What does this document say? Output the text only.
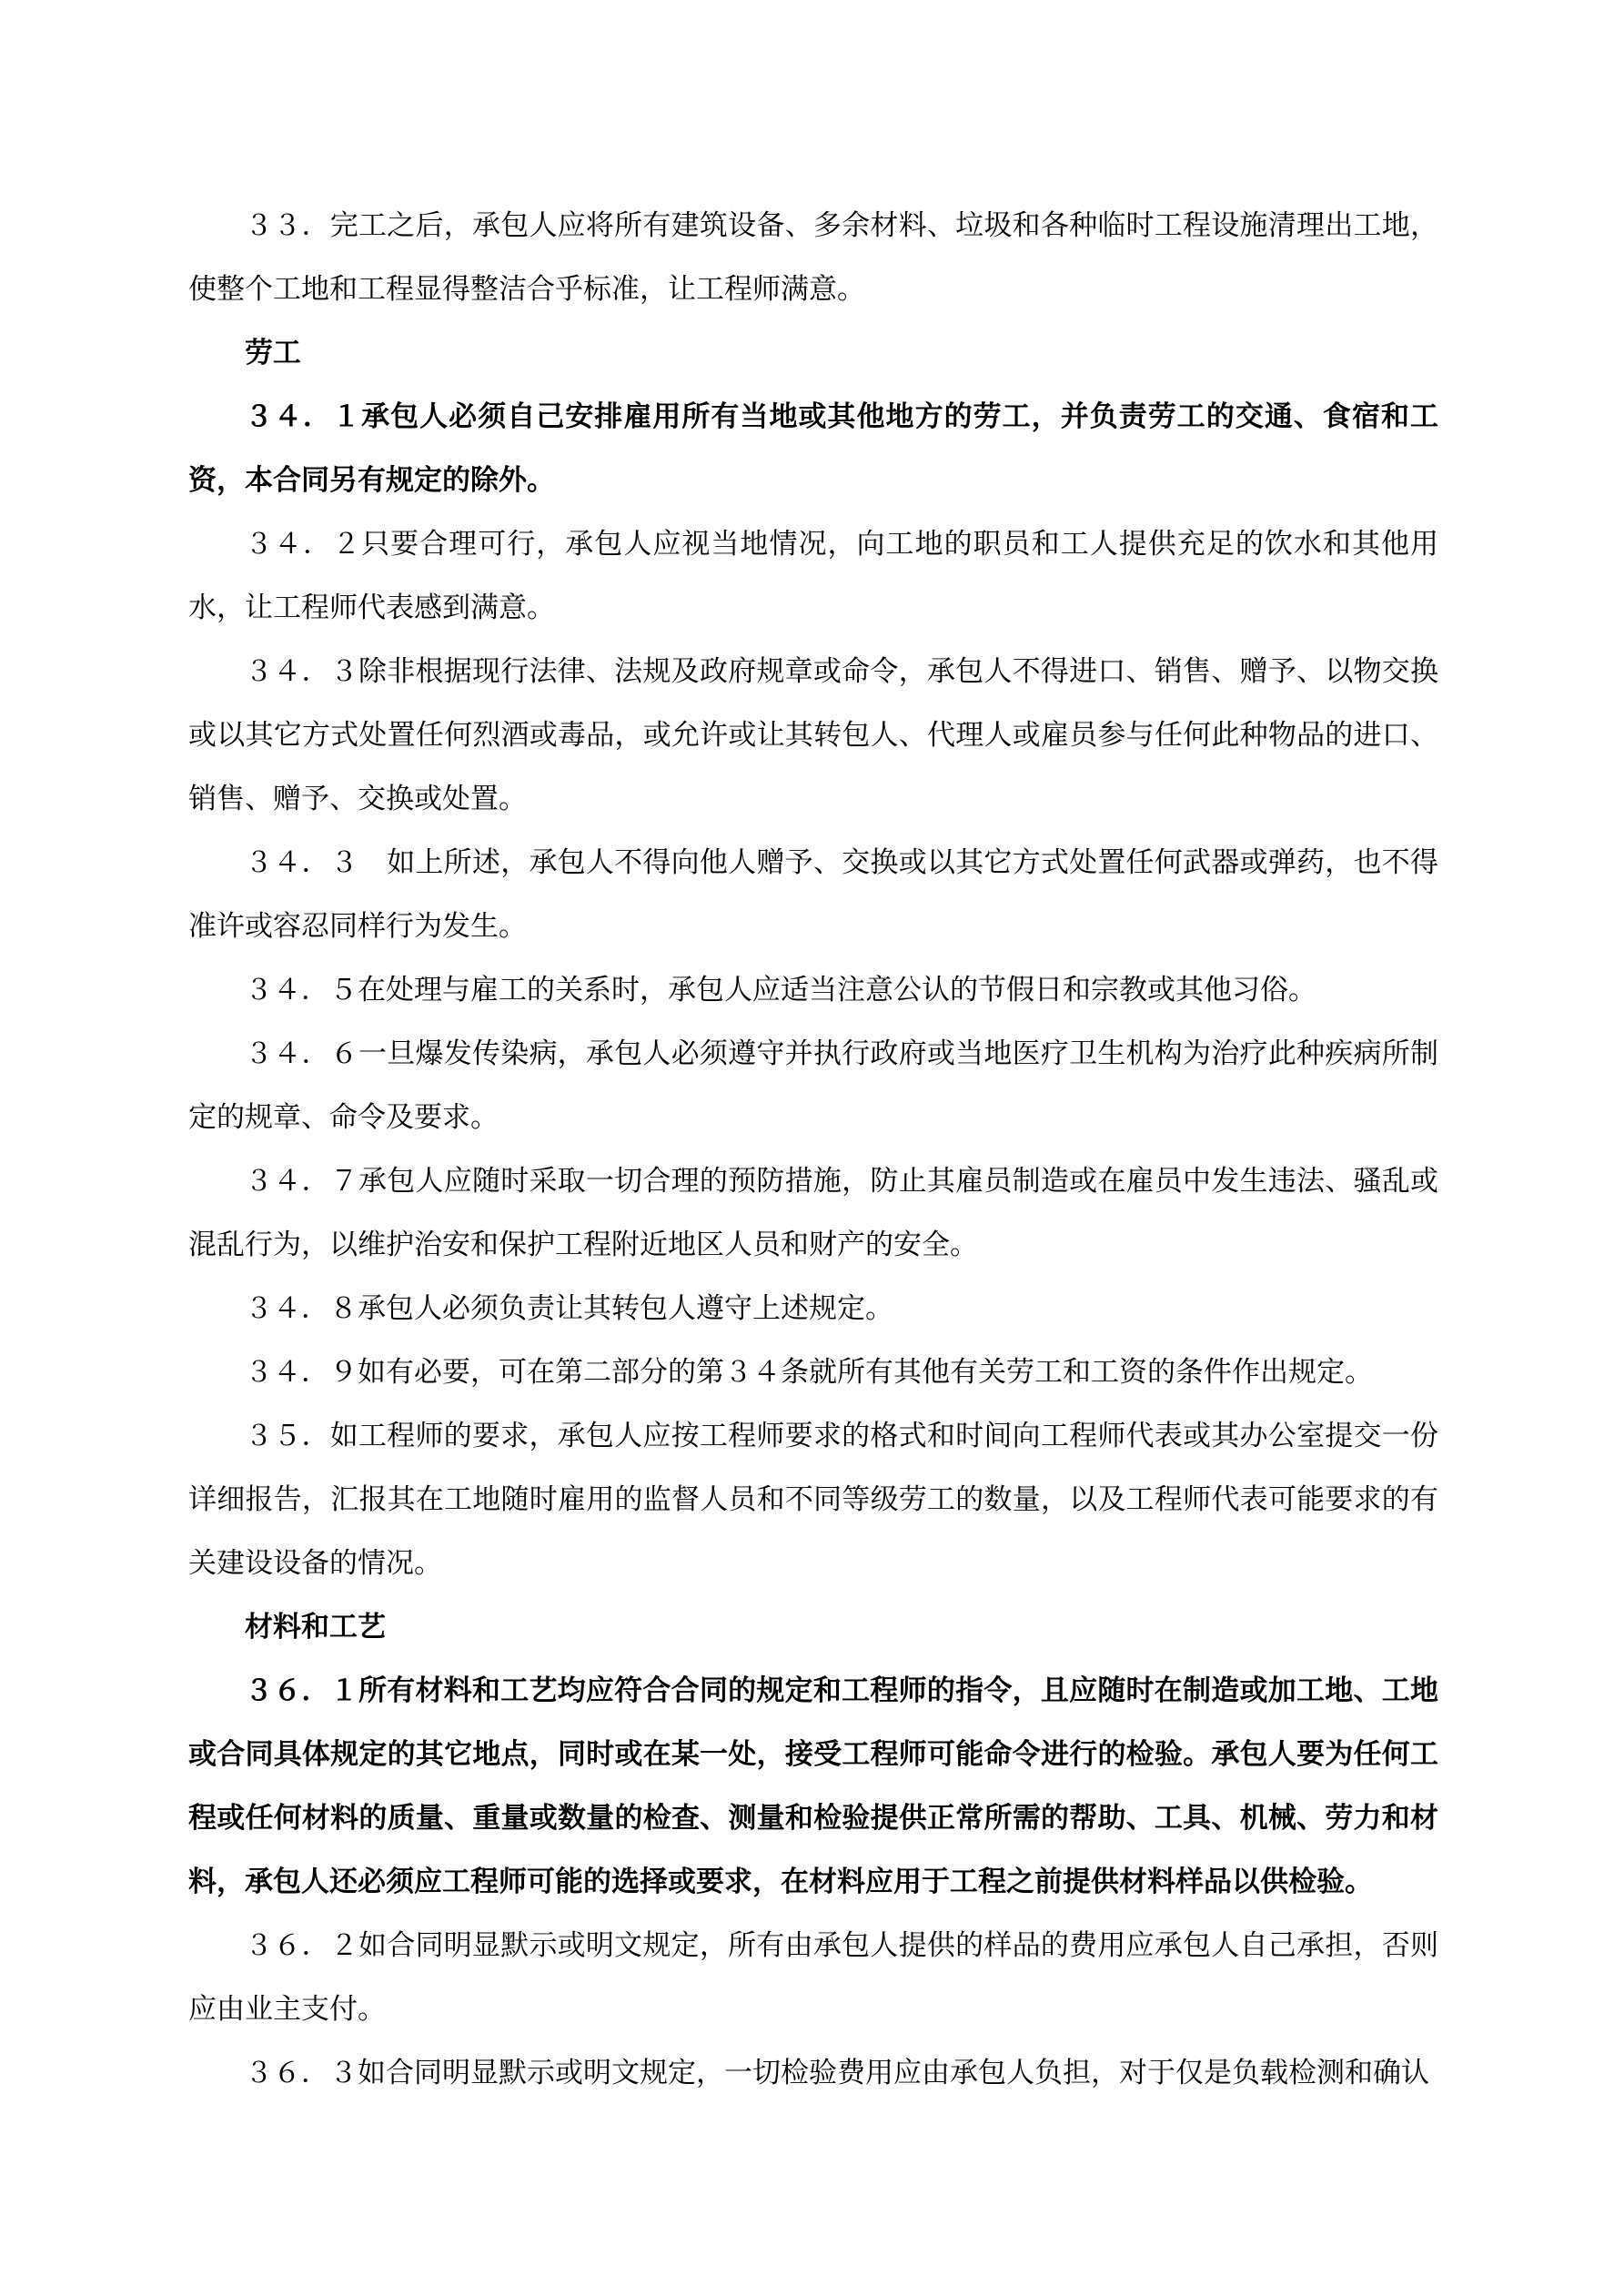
３３．完工之后，承包人应将所有建筑设备、多余材料、垃圾和各种临时工程设施清理出工地，使整个工地和工程显得整洁合乎标准，让工程师满意。

劳工

３４．１承包人必须自己安排雇用所有当地或其他地方的劳工，并负责劳工的交通、食宿和工资，本合同另有规定的除外。

３４．２只要合理可行，承包人应视当地情况，向工地的职员和工人提供充足的饮水和其他用水，让工程师代表感到满意。

３４．３除非根据现行法律、法规及政府规章或命令，承包人不得进口、销售、赠予、以物交换或以其它方式处置任何烈酒或毒品，或允许或让其转包人、代理人或雇员参与任何此种物品的进口、销售、赠予、交换或处置。

３４．３　如上所述，承包人不得向他人赠予、交换或以其它方式处置任何武器或弹药，也不得准许或容忍同样行为发生。

３４．５在处理与雇工的关系时，承包人应适当注意公认的节假日和宗教或其他习俗。

３４．６一旦爆发传染病，承包人必须遵守并执行政府或当地医疗卫生机构为治疗此种疾病所制定的规章、命令及要求。

３４．７承包人应随时采取一切合理的预防措施，防止其雇员制造或在雇员中发生违法、骚乱或混乱行为，以维护治安和保护工程附近地区人员和财产的安全。

３４．８承包人必须负责让其转包人遵守上述规定。

３４．９如有必要，可在第二部分的第３４条就所有其他有关劳工和工资的条件作出规定。

３５．如工程师的要求，承包人应按工程师要求的格式和时间向工程师代表或其办公室提交一份详细报告，汇报其在工地随时雇用的监督人员和不同等级劳工的数量，以及工程师代表可能要求的有关建设设备的情况。

材料和工艺

３６．１所有材料和工艺均应符合合同的规定和工程师的指令，且应随时在制造或加工地、工地或合同具体规定的其它地点，同时或在某一处，接受工程师可能命令进行的检验。承包人要为任何工程或任何材料的质量、重量或数量的检查、测量和检验提供正常所需的帮助、工具、机械、劳力和材料，承包人还必须应工程师可能的选择或要求，在材料应用于工程之前提供材料样品以供检验。

３６．２如合同明显默示或明文规定，所有由承包人提供的样品的费用应承包人自己承担，否则应由业主支付。

３６．３如合同明显默示或明文规定，一切检验费用应由承包人负担，对于仅是负载检测和确认
